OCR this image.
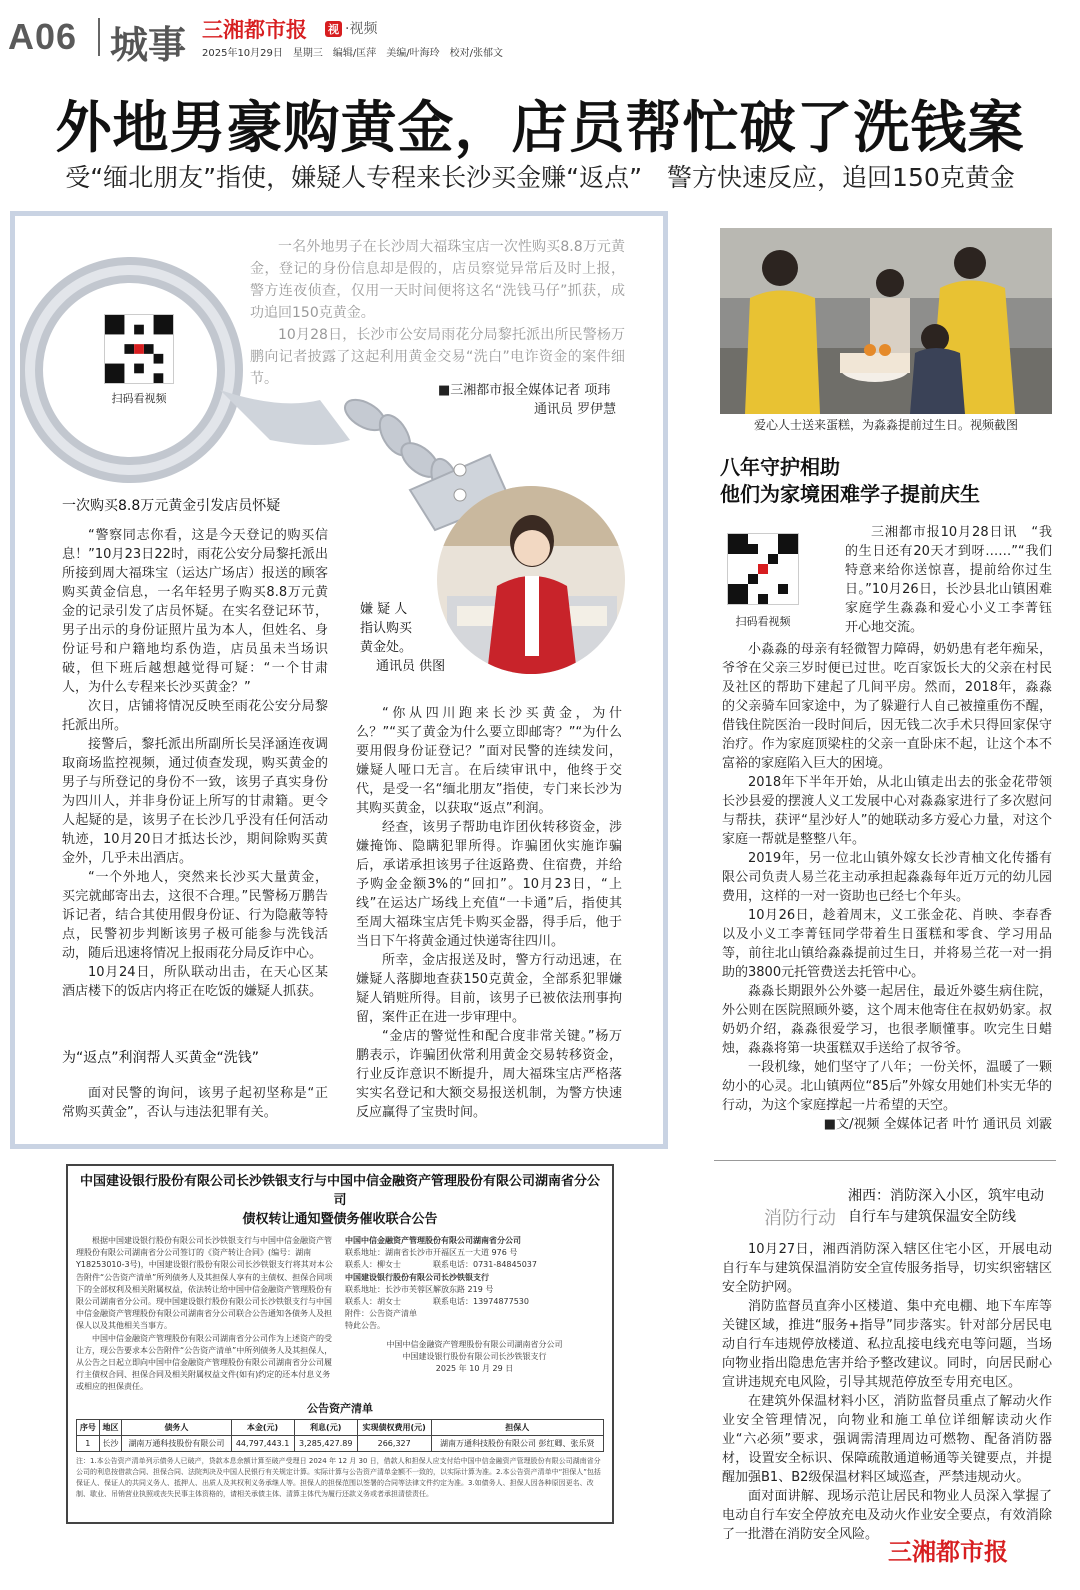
A06 城事 三湘都市报 视 ·视频
2025年10月29日　星期三　编辑/匡萍　美编/叶海玲　校对/张郁文
外地男豪购黄金，店员帮忙破了洗钱案
受“缅北朋友”指使，嫌疑人专程来长沙买金赚“返点”　警方快速反应，追回150克黄金

一名外地男子在长沙周大福珠宝店一次性购买8.8万元黄金，登记的身份信息却是假的，店员察觉异常后及时上报，警方连夜侦查，仅用一天时间便将这名“洗钱马仔”抓获，成功追回150克黄金。

10月28日，长沙市公安局雨花分局黎托派出所民警杨万鹏向记者披露了这起利用黄金交易“洗白”电诈资金的案件细节。

■三湘都市报全媒体记者 项玮
通讯员 罗伊慧
扫码看视频
嫌 疑 人
指认购买
黄金处。
通讯员 供图
一次购买8.8万元黄金引发店员怀疑

“警察同志你看，这是今天登记的购买信息！”10月23日22时，雨花公安分局黎托派出所接到周大福珠宝（运达广场店）报送的顾客购买黄金信息，一名年轻男子购买8.8万元黄金的记录引发了店员怀疑。在实名登记环节，男子出示的身份证照片虽为本人，但姓名、身份证号和户籍地均系伪造，店员虽未当场识破，但下班后越想越觉得可疑：“一个甘肃人，为什么专程来长沙买黄金？”

次日，店铺将情况反映至雨花公安分局黎托派出所。

接警后，黎托派出所副所长吴泽涵连夜调取商场监控视频，通过侦查发现，购买黄金的男子与所登记的身份不一致，该男子真实身份为四川人，并非身份证上所写的甘肃籍。更令人起疑的是，该男子在长沙几乎没有任何活动轨迹，10月20日才抵达长沙，期间除购买黄金外，几乎未出酒店。

“一个外地人，突然来长沙买大量黄金，买完就邮寄出去，这很不合理。”民警杨万鹏告诉记者，结合其使用假身份证、行为隐蔽等特点，民警初步判断该男子极可能参与洗钱活动，随后迅速将情况上报雨花分局反诈中心。

10月24日，所队联动出击，在天心区某酒店楼下的饭店内将正在吃饭的嫌疑人抓获。

为“返点”利润帮人买黄金“洗钱”

面对民警的询问，该男子起初坚称是“正常购买黄金”，否认与违法犯罪有关。

“你从四川跑来长沙买黄金，为什么？”“买了黄金为什么要立即邮寄？”“为什么要用假身份证登记？”面对民警的连续发问，嫌疑人哑口无言。在后续审讯中，他终于交代，是受一名“缅北朋友”指使，专门来长沙为其购买黄金，以获取“返点”利润。

经查，该男子帮助电诈团伙转移资金，涉嫌掩饰、隐瞒犯罪所得。诈骗团伙实施诈骗后，承诺承担该男子往返路费、住宿费，并给予购金金额3%的“回扣”。10月23日，“上线”在运达广场线上充值“一卡通”后，指使其至周大福珠宝店凭卡购买金器，得手后，他于当日下午将黄金通过快递寄往四川。

所幸，金店报送及时，警方行动迅速，在嫌疑人落脚地查获150克黄金，全部系犯罪嫌疑人销赃所得。目前，该男子已被依法刑事拘留，案件正在进一步审理中。

“金店的警觉性和配合度非常关键。”杨万鹏表示，诈骗团伙常利用黄金交易转移资金，行业反诈意识不断提升，周大福珠宝店严格落实实名登记和大额交易报送机制，为警方快速反应赢得了宝贵时间。

爱心人士送来蛋糕，为淼淼提前过生日。视频截图
八年守护相助
他们为家境困难学子提前庆生
扫码看视频

三湘都市报10月28日讯　“我的生日还有20天才到呀……”“我们特意来给你送惊喜，提前给你过生日。”10月26日，长沙县北山镇困难家庭学生淼淼和爱心小义工李菁钰开心地交流。

小淼淼的母亲有轻微智力障碍，奶奶患有老年痴呆，爷爷在父亲三岁时便已过世。吃百家饭长大的父亲在村民及社区的帮助下建起了几间平房。然而，2018年，淼淼的父亲骑车回家途中，为了躲避行人自己被撞重伤不醒，借钱住院医治一段时间后，因无钱二次手术只得回家保守治疗。作为家庭顶梁柱的父亲一直卧床不起，让这个本不富裕的家庭陷入巨大的困境。

2018年下半年开始，从北山镇走出去的张金花带领长沙县爱的摆渡人义工发展中心对淼淼家进行了多次慰问与帮扶，获评“星沙好人”的她联动多方爱心力量，对这个家庭一帮就是整整八年。

2019年，另一位北山镇外嫁女长沙青柚文化传播有限公司负责人易兰花主动承担起淼淼每年近万元的幼儿园费用，这样的一对一资助也已经七个年头。

10月26日，趁着周末，义工张金花、肖映、李春香以及小义工李菁钰同学带着生日蛋糕和零食、学习用品等，前往北山镇给淼淼提前过生日，并将易兰花一对一捐助的3800元托管费送去托管中心。

淼淼长期跟外公外婆一起居住，最近外婆生病住院，外公则在医院照顾外婆，这个周末他寄住在叔奶奶家。叔奶奶介绍，淼淼很爱学习，也很孝顺懂事。吹完生日蜡烛，淼淼将第一块蛋糕双手送给了叔爷爷。

一段机缘，她们坚守了八年；一份关怀，温暖了一颗幼小的心灵。北山镇两位“85后”外嫁女用她们朴实无华的行动，为这个家庭撑起一片希望的天空。

■文/视频 全媒体记者 叶竹 通讯员 刘霰
消防行动
湘西：消防深入小区，筑牢电动
自行车与建筑保温安全防线

10月27日，湘西消防深入辖区住宅小区，开展电动自行车与建筑保温消防安全宣传服务指导，切实织密辖区安全防护网。

消防监督员直奔小区楼道、集中充电棚、地下车库等关键区域，推进“服务+指导”同步落实。针对部分居民电动自行车违规停放楼道、私拉乱接电线充电等问题，当场向物业指出隐患危害并给予整改建议。同时，向居民耐心宣讲违规充电风险，引导其规范停放至专用充电区。

在建筑外保温材料小区，消防监督员重点了解动火作业安全管理情况，向物业和施工单位详细解读动火作业“六必须”要求，强调需清理周边可燃物、配备消防器材，设置安全标识、保障疏散通道畅通等关键要点，并提醒加强B1、B2级保温材料区域巡查，严禁违规动火。

面对面讲解、现场示范让居民和物业人员深入掌握了电动自行车安全停放充电及动火作业安全要点，有效消除了一批潜在消防安全风险。

中国建设银行股份有限公司长沙铁银支行与中国中信金融资产管理股份有限公司湖南省分公司
债权转让通知暨债务催收联合公告

根据中国建设银行股份有限公司长沙铁银支行与中国中信金融资产管理股份有限公司湖南省分公司签订的《资产转让合同》(编号：湖南Y18253010-3号)，中国建设银行股份有限公司长沙铁银支行将其对本公告附件“公告资产清单”所列债务人及其担保人享有的主债权、担保合同项下的全部权利及相关附属权益，依法转让给中国中信金融资产管理股份有限公司湖南省分公司。现中国建设银行股份有限公司长沙铁银支行与中国中信金融资产管理股份有限公司湖南省分公司联合公告通知各债务人及担保人以及其他相关当事方。

中国中信金融资产管理股份有限公司湖南省分公司作为上述资产的受让方，现公告要求本公告附件“公告资产清单”中所列债务人及其担保人，从公告之日起立即向中国中信金融资产管理股份有限公司湖南省分公司履行主债权合同、担保合同及相关附属权益文件(如有)约定的还本付息义务或相应的担保责任。

中国中信金融资产管理股份有限公司湖南省分公司
联系地址：湖南省长沙市开福区五一大道 976 号
联系人：柳女士　　　　联系电话：0731-84845037
中国建设银行股份有限公司长沙铁银支行
联系地址：长沙市芙蓉区解放东路 219 号
联系人：胡女士　　　　联系电话：13974877530
附件：公告资产清单
特此公告。
中国中信金融资产管理股份有限公司湖南省分公司
中国建设银行股份有限公司长沙铁银支行
2025 年 10 月 29 日
公告资产清单
序号	地区	债务人	本金(元)	利息(元)	实现债权费用(元)	担保人
1	长沙	湖南万通科技股份有限公司	44,797,443.1	3,285,427.89	266,327	湖南万通科技股份有限公司 彭红卿、张乐贤
注：1.本公告资产清单列示债务人已破产，贷款本息余额计算至破产受理日 2024 年 12 月 30 日，借款人和担保人应支付给中国中信金融资产管理股份有限公司湖南省分公司的利息按借款合同、担保合同、法院判决及中国人民银行有关规定计算。实际计算与公告资产清单金额不一致的，以实际计算为准。2.本公告资产清单中“担保人”包括保证人、保证人的共同义务人、抵押人、出质人及其权利义务承继人等。担保人的担保范围以签署的合同等法律文件约定为准。3.如债务人、担保人因各种原因更名、改制、歇业、吊销营业执照或丧失民事主体资格的，请相关承债主体、清算主体代为履行还款义务或者承担清偿责任。
三湘都市报
